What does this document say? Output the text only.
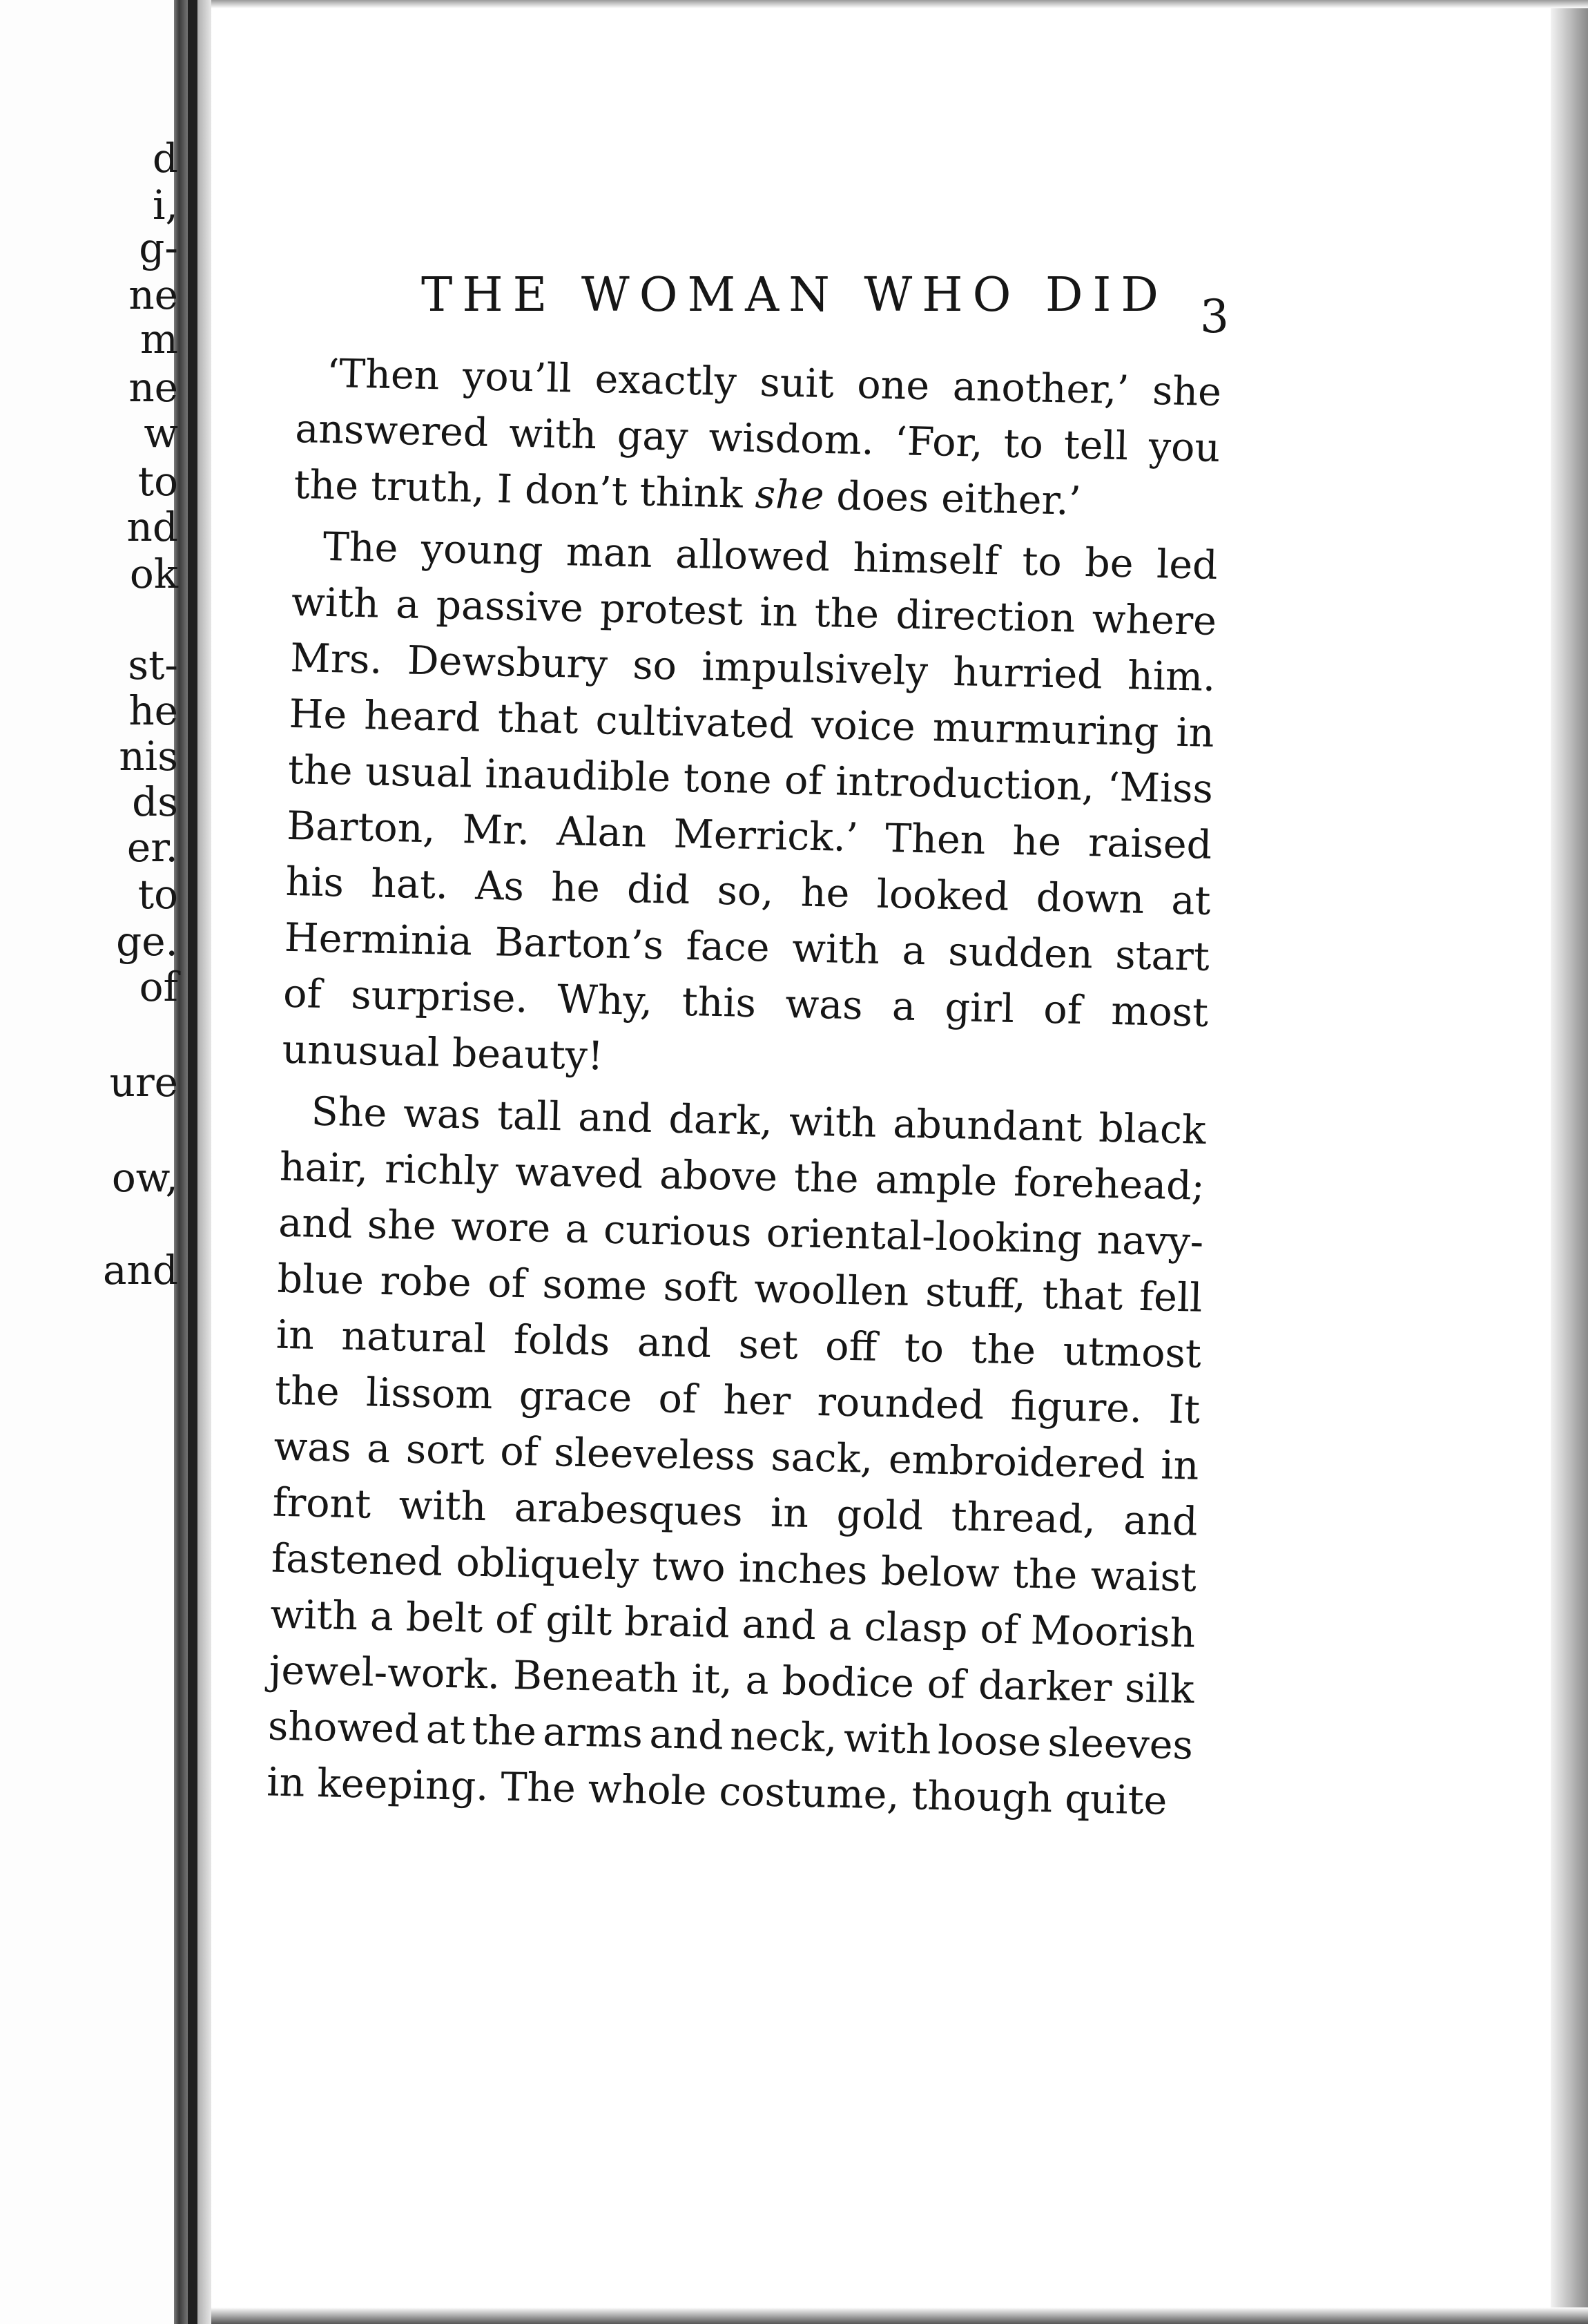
d
i,
g-
ne
m
ne
w
to
nd
ok
st-
he
nis
ds
er.
to
ge.
of
ure
ow,
and
THE WOMAN WHO DID 3
‘Then you’ll exactly suit one another,’ she
answered with gay wisdom. ‘For, to tell you
the truth, I don’t think she does either.’
The young man allowed himself to be led
with a passive protest in the direction where
Mrs. Dewsbury so impulsively hurried him.
He heard that cultivated voice murmuring in
the usual inaudible tone of introduction, ‘Miss
Barton, Mr. Alan Merrick.’ Then he raised
his hat. As he did so, he looked down at
Herminia Barton’s face with a sudden start
of surprise. Why, this was a girl of most
unusual beauty!
She was tall and dark, with abundant black
hair, richly waved above the ample forehead;
and she wore a curious oriental-looking navy-
blue robe of some soft woollen stuff, that fell
in natural folds and set off to the utmost
the lissom grace of her rounded figure. It
was a sort of sleeveless sack, embroidered in
front with arabesques in gold thread, and
fastened obliquely two inches below the waist
with a belt of gilt braid and a clasp of Moorish
jewel-work. Beneath it, a bodice of darker silk
showed at the arms and neck, with loose sleeves
in keeping. The whole costume, though quite
